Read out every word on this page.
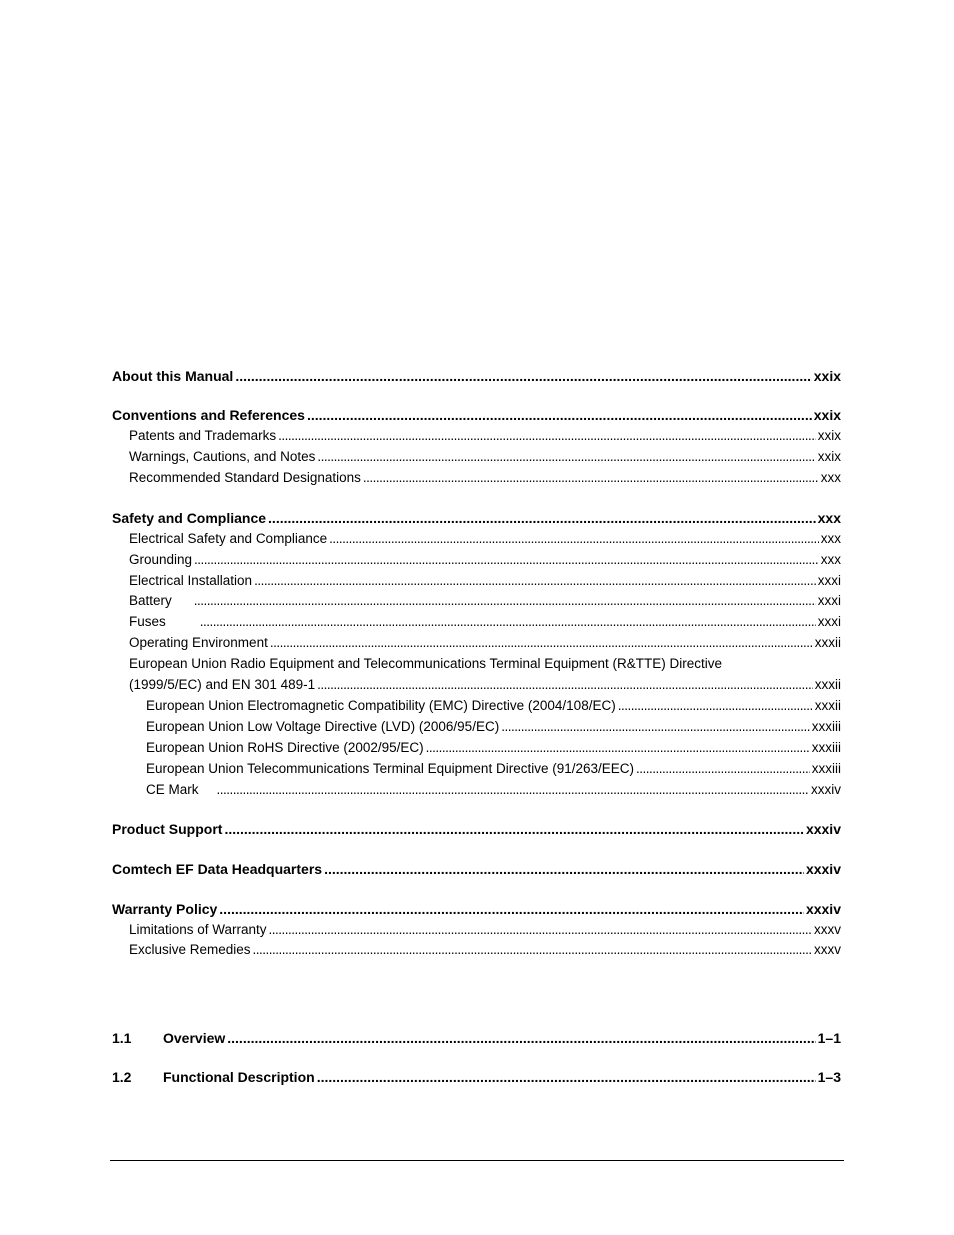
About this Manual .....	xxix
Conventions and References .....	xxix
Patents and Trademarks .....	xxix
Warnings, Cautions, and Notes .....	xxix
Recommended Standard Designations .....	xxx
Safety and Compliance .....	xxx
Electrical Safety and Compliance .....	xxx
Grounding .....	xxx
Electrical Installation .....	xxxi
Battery .....	xxxi
Fuses .....	xxxi
Operating Environment .....	xxxii
European Union Radio Equipment and Telecommunications Terminal Equipment (R&TTE) Directive
(1999/5/EC) and EN 301 489-1 .....	xxxii
European Union Electromagnetic Compatibility (EMC) Directive (2004/108/EC) .....	xxxii
European Union Low Voltage Directive (LVD) (2006/95/EC) .....	xxxiii
European Union RoHS Directive (2002/95/EC) .....	xxxiii
European Union Telecommunications Terminal Equipment Directive (91/263/EEC) .....	xxxiii
CE Mark .....	xxxiv
Product Support .....	xxxiv
Comtech EF Data Headquarters .....	xxxiv
Warranty Policy .....	xxxiv
Limitations of Warranty .....	xxxv
Exclusive Remedies .....	xxxv
1.1	Overview .....	1–1
1.2	Functional Description .....	1–3
